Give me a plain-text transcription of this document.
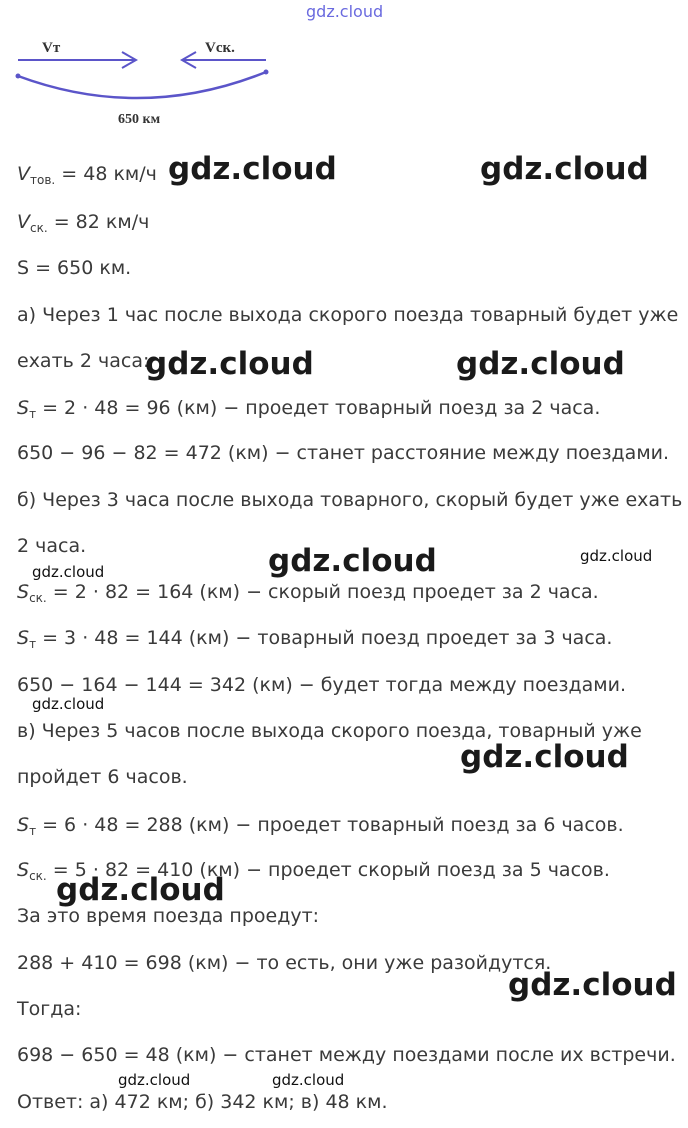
gdz.cloud
Vт	Vск.
650 км

$V_{тов.} = 48$ км/ч

$V_{ск.} = 82$ км/ч

S = 650 км.

а) Через 1 час после выхода скорого поезда товарный будет уже

ехать 2 часа:

$S_т = 2 \cdot 48 = 96$ (км) − проедет товарный поезд за 2 часа.

650 − 96 − 82 = 472 (км) − станет расстояние между поездами.

б) Через 3 часа после выхода товарного, скорый будет уже ехать

2 часа.

$S_{ск.} = 2 \cdot 82 = 164$ (км) − скорый поезд проедет за 2 часа.

$S_т = 3 \cdot 48 = 144$ (км) − товарный поезд проедет за 3 часа.

650 − 164 − 144 = 342 (км) − будет тогда между поездами.

в) Через 5 часов после выхода скорого поезда, товарный уже

пройдет 6 часов.

$S_т = 6 \cdot 48 = 288$ (км) − проедет товарный поезд за 6 часов.

$S_{ск.} = 5 \cdot 82 = 410$ (км) − проедет скорый поезд за 5 часов.

За это время поезда проедут:

288 + 410 = 698 (км) − то есть, они уже разойдутся.

Тогда:

698 − 650 = 48 (км) − станет между поездами после их встречи.

Ответ: а) 472 км; б) 342 км; в) 48 км.

gdz.cloud	gdz.cloud
gdz.cloud	gdz.cloud
gdz.cloud	gdz.cloud
gdz.cloud
gdz.cloud
gdz.cloud
gdz.cloud
gdz.cloud
gdz.cloud	gdz.cloud
